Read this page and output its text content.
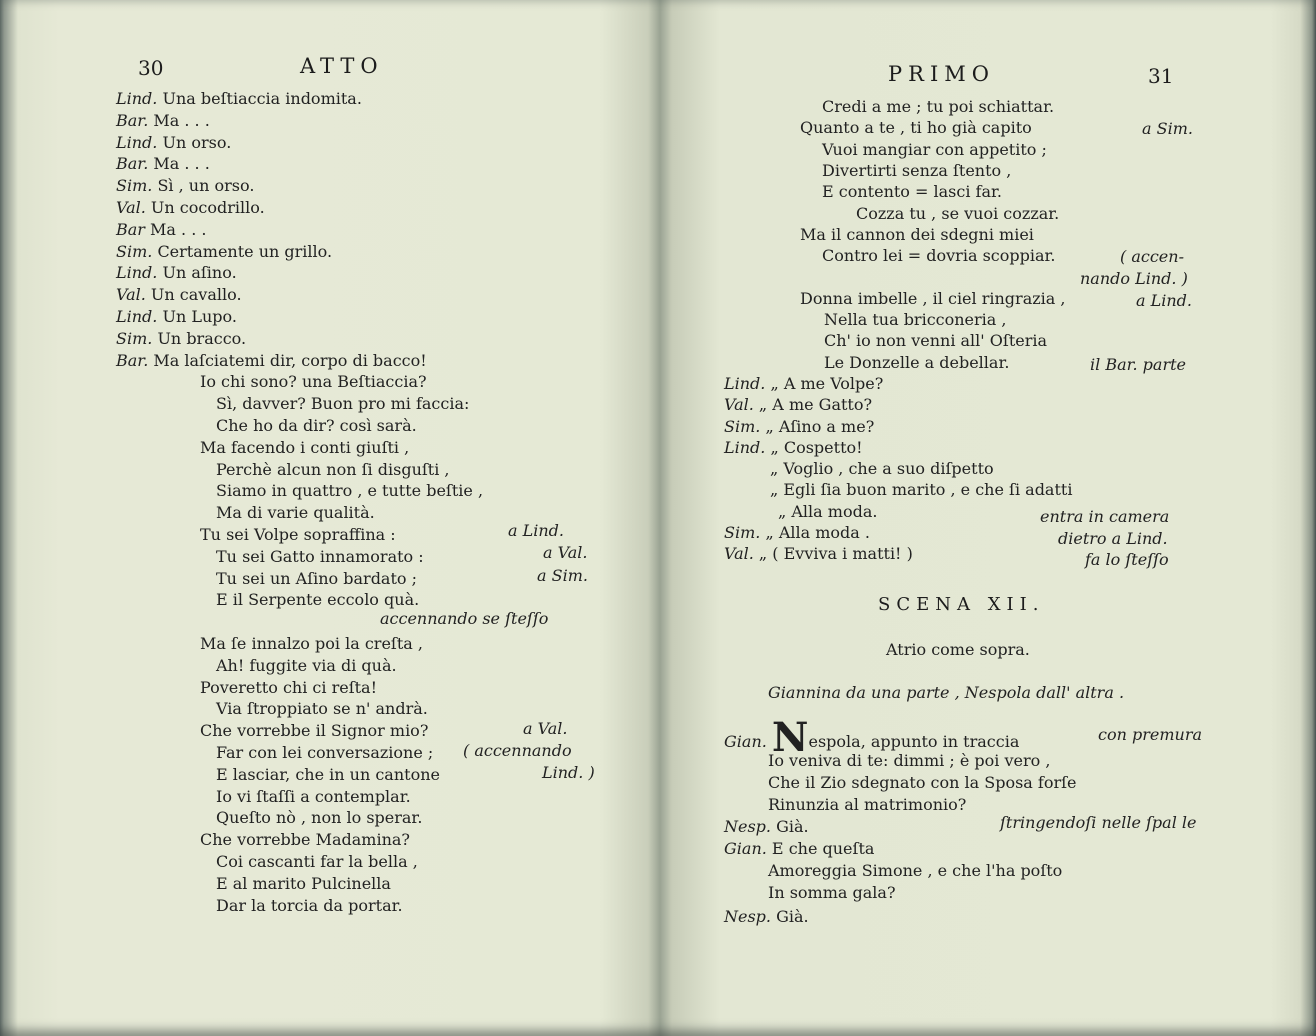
30	ATTO
Lind. Una beſtiaccia indomita.
Bar. Ma . . .
Lind. Un orso.
Bar. Ma . . .
Sim. Sì , un orso.
Val. Un cocodrillo.
Bar Ma . . .
Sim. Certamente un grillo.
Lind. Un aſino.
Val. Un cavallo.
Lind. Un Lupo.
Sim. Un bracco.
Bar. Ma laſciatemi dir, corpo di bacco!
Io chi sono? una Beſtiaccia?
Sì, davver? Buon pro mi faccia:
Che ho da dir? così sarà.
Ma facendo i conti giuſti ,
Perchè alcun non ſi disguſti ,
Siamo in quattro , e tutte beſtie ,
Ma di varie qualità.
Tu sei Volpe sopraffina :
Tu sei Gatto innamorato :
Tu sei un Aſino bardato ;
E il Serpente eccolo quà.
Ma ſe innalzo poi la creſta ,
Ah! fuggite via di quà.
Poveretto chi ci reſta!
Via ſtroppiato se n' andrà.
Che vorrebbe il Signor mio?
Far con lei conversazione ;
E lasciar, che in un cantone
Io vi ſtaſſi a contemplar.
Queſto nò , non lo sperar.
Che vorrebbe Madamina?
Coi cascanti far la bella ,
E al marito Pulcinella
Dar la torcia da portar.
a Lind.
a Val.
a Sim.
accennando se ſteſſo
a Val.
( accennando
Lind. )
PRIMO	31
Credi a me ; tu poi schiattar.
Quanto a te , ti ho già capito
Vuoi mangiar con appetito ;
Divertirti senza ſtento ,
E contento = lasci far.
Cozza tu , se vuoi cozzar.
Ma il cannon dei sdegni miei
Contro lei = dovria scoppiar.
Donna imbelle , il ciel ringrazia ,
Nella tua bricconeria ,
Ch' io non venni all' Oſteria
Le Donzelle a debellar.
Lind. „ A me Volpe?
Val. „ A me Gatto?
Sim. „ Aſino a me?
Lind. „ Cospetto!
„ Voglio , che a suo diſpetto
„ Egli ſia buon marito , e che ſi adatti
„ Alla moda.
Sim. „ Alla moda .
Val. „ ( Evviva i matti! )
a Sim.
( accen-
nando Lind. )
a Lind.
il Bar. parte
entra in camera
dietro a Lind.
fa lo ſteſſo
SCENA XII.
Atrio come sopra.
Giannina da una parte , Nespola dall' altra .
Gian. Nespola, appunto in traccia
Io veniva di te: dimmi ; è poi vero ,
Che il Zio sdegnato con la Sposa forſe
Rinunzia al matrimonio?
Nesp. Già.
Gian. E che queſta
Amoreggia Simone , e che l'ha poſto
In somma gala?
Nesp. Già.
con premura
ſtringendoſi nelle ſpal le
